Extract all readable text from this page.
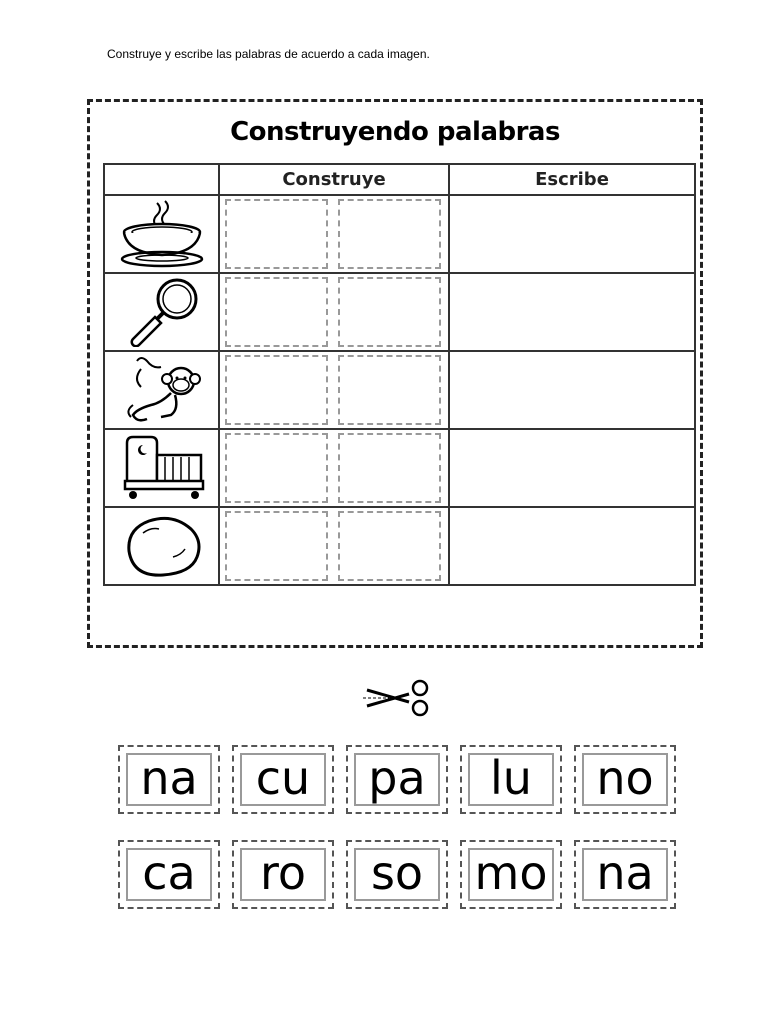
Construye y escribe las palabras de acuerdo a cada imagen.
Construyendo palabras
	Construye	Escribe

na	cu	pa	lu	no
ca	ro	so	mo	na
